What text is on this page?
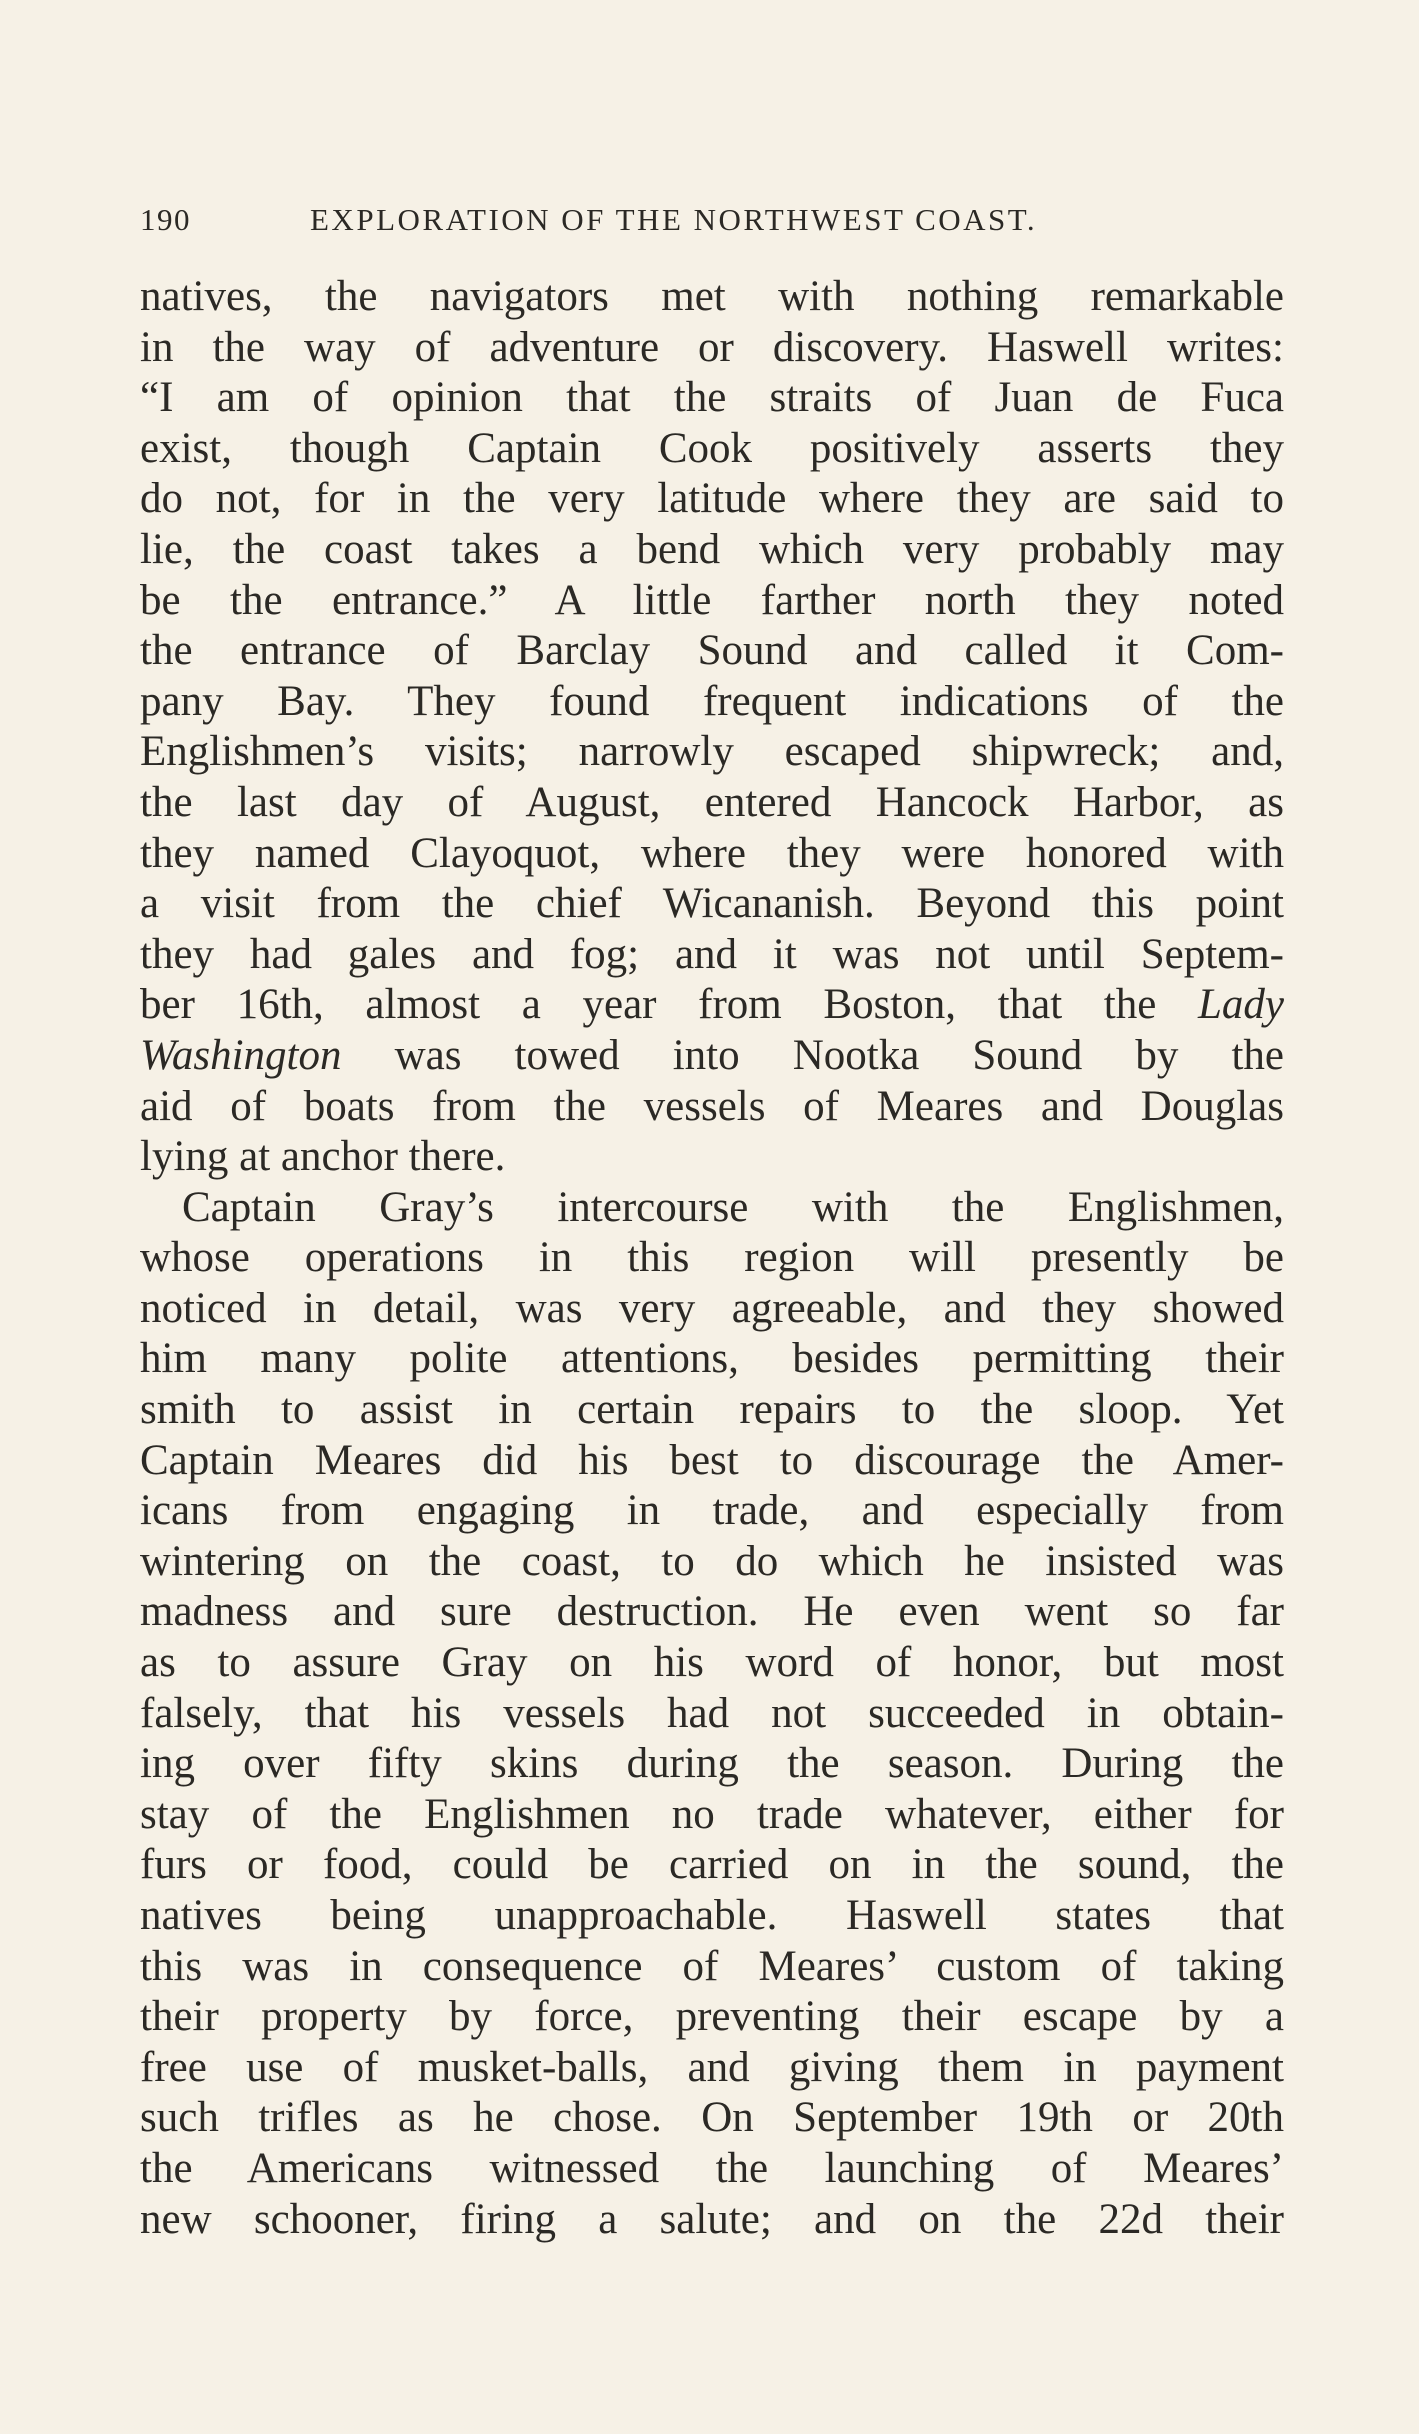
190	EXPLORATION OF THE NORTHWEST COAST.
natives, the navigators met with nothing remarkable
in the way of adventure or discovery. Haswell writes:
“I am of opinion that the straits of Juan de Fuca
exist, though Captain Cook positively asserts they
do not, for in the very latitude where they are said to
lie, the coast takes a bend which very probably may
be the entrance.” A little farther north they noted
the entrance of Barclay Sound and called it Com-
pany Bay. They found frequent indications of the
Englishmen’s visits; narrowly escaped shipwreck; and,
the last day of August, entered Hancock Harbor, as
they named Clayoquot, where they were honored with
a visit from the chief Wicananish. Beyond this point
they had gales and fog; and it was not until Septem-
ber 16th, almost a year from Boston, that the Lady
Washington was towed into Nootka Sound by the
aid of boats from the vessels of Meares and Douglas
lying at anchor there.
Captain Gray’s intercourse with the Englishmen,
whose operations in this region will presently be
noticed in detail, was very agreeable, and they showed
him many polite attentions, besides permitting their
smith to assist in certain repairs to the sloop. Yet
Captain Meares did his best to discourage the Amer-
icans from engaging in trade, and especially from
wintering on the coast, to do which he insisted was
madness and sure destruction. He even went so far
as to assure Gray on his word of honor, but most
falsely, that his vessels had not succeeded in obtain-
ing over fifty skins during the season. During the
stay of the Englishmen no trade whatever, either for
furs or food, could be carried on in the sound, the
natives being unapproachable. Haswell states that
this was in consequence of Meares’ custom of taking
their property by force, preventing their escape by a
free use of musket-balls, and giving them in payment
such trifles as he chose. On September 19th or 20th
the Americans witnessed the launching of Meares’
new schooner, firing a salute; and on the 22d their
